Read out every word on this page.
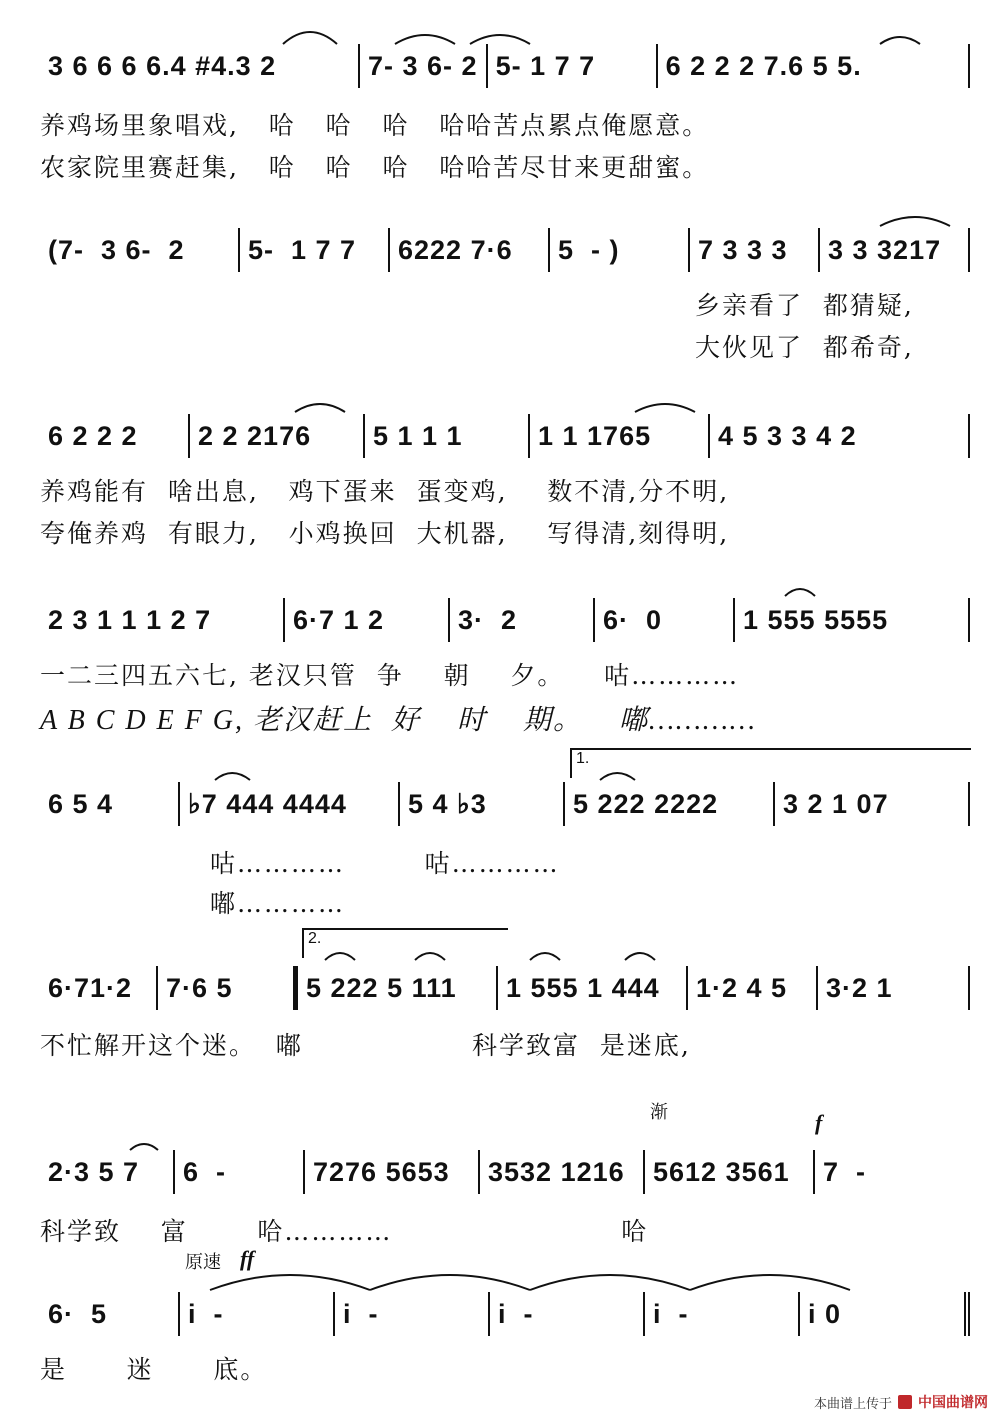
3 6 6 6 6.4 #4.3 2	7- 3 6- 2 5- 1 7 7	6 2 2 2 7.6 5 5.
养鸡场里象唱戏,   哈   哈   哈   哈哈苦点累点俺愿意。
农家院里赛赶集,   哈   哈   哈   哈哈苦尽甘来更甜蜜。
(7-  3 6-  2	5-  1 7 7	6222 7·6	5  - )	7 3 3 3	3 3 3217
乡亲看了  都猜疑,
大伙见了  都希奇,
6 2 2 2	2 2 2176	5 1 1 1	1 1 1765	4 5 3 3 4 2
养鸡能有  啥出息,   鸡下蛋来  蛋变鸡,    数不清,分不明,
夸俺养鸡  有眼力,   小鸡换回  大机器,    写得清,刻得明,
2 3 1 1 1 2 7	6·7 1 2	3·  2	6·  0	1 555 5555
一二三四五六七, 老汉只管  争    朝    夕。    咕…………
A B C D E F G, 老汉赶上  好    时    期。    嘟…………
1.
6 5 4	♭7 444 4444	5 4 ♭3	5 222 2222	3 2 1 07
咕…………        咕…………
嘟…………
2.
6·71·2	7·6 5	5 222 5 111	1 555 1 444	1·2 4 5	3·2 1
不忙解开这个迷。  嘟                 科学致富  是迷底,
渐	f
2·3 5 7	6  -	7276 5653	3532 1216	5612 3561	7  -
科学致    富       哈…………                       哈
原速 ff
6·  5	i  -	i  -	i  -	i  -	i 0
是      迷      底。
本曲谱上传于 中国曲谱网
